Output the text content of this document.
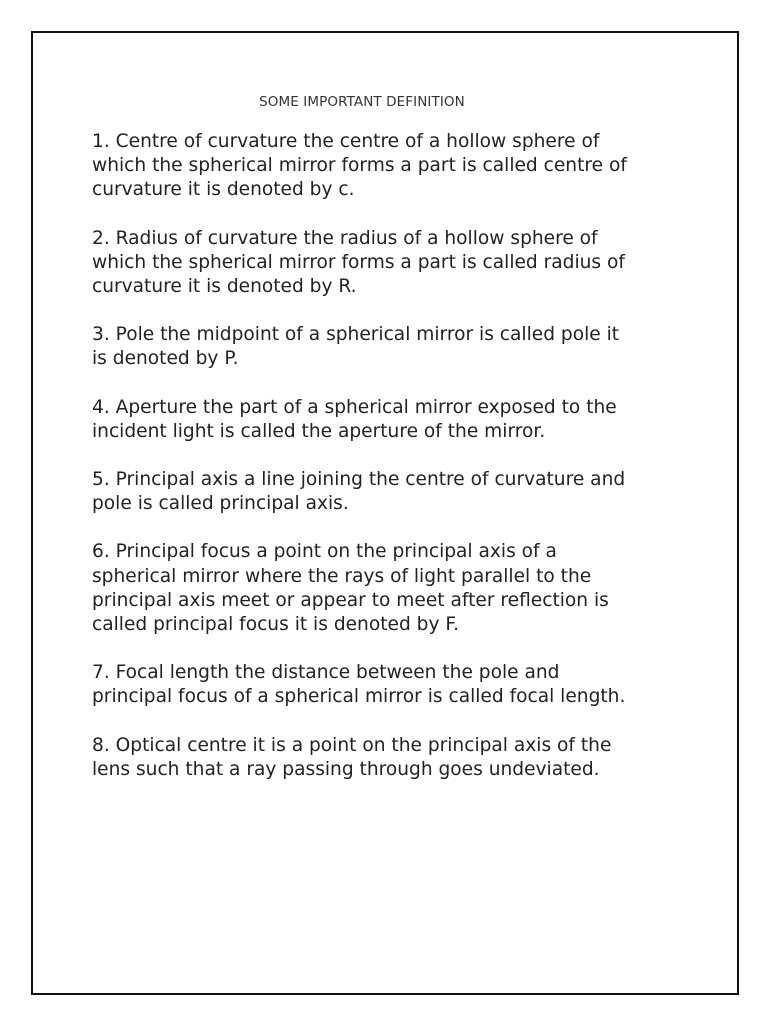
SOME IMPORTANT DEFINITION
1. Centre of curvature the centre of a hollow sphere of
which the spherical mirror forms a part is called centre of
curvature it is denoted by c.
2. Radius of curvature the radius of a hollow sphere of
which the spherical mirror forms a part is called radius of
curvature it is denoted by R.
3. Pole the midpoint of a spherical mirror is called pole it
is denoted by P.
4. Aperture the part of a spherical mirror exposed to the
incident light is called the aperture of the mirror.
5. Principal axis a line joining the centre of curvature and
pole is called principal axis.
6. Principal focus a point on the principal axis of a
spherical mirror where the rays of light parallel to the
principal axis meet or appear to meet after reflection is
called principal focus it is denoted by F.
7. Focal length the distance between the pole and
principal focus of a spherical mirror is called focal length.
8. Optical centre it is a point on the principal axis of the
lens such that a ray passing through goes undeviated.
